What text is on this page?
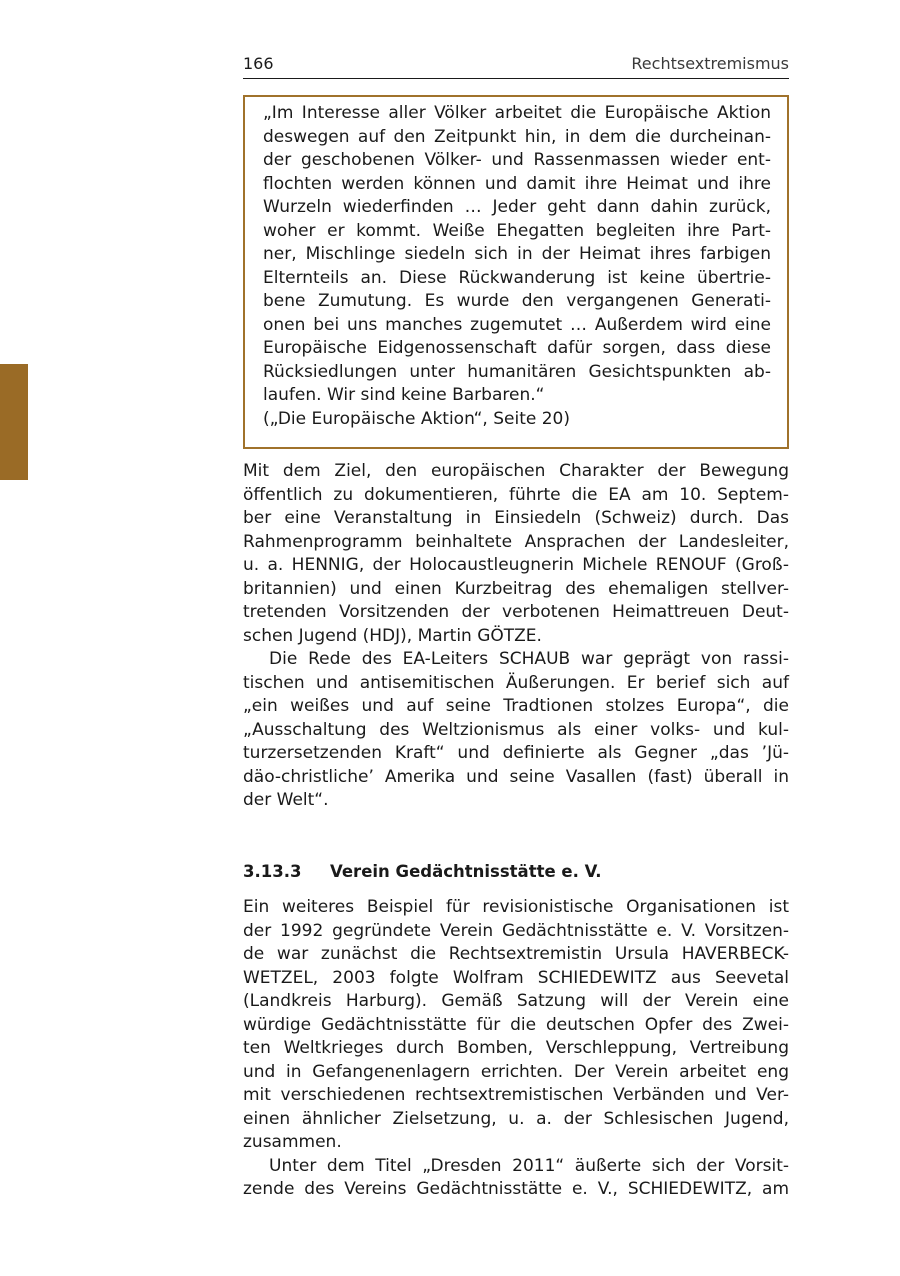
166	Rechtsextremismus
„Im Interesse aller Völker arbeitet die Europäische Aktion
deswegen auf den Zeitpunkt hin, in dem die durcheinan-
der geschobenen Völker- und Rassenmassen wieder ent-
flochten werden können und damit ihre Heimat und ihre
Wurzeln wiederfinden … Jeder geht dann dahin zurück,
woher er kommt. Weiße Ehegatten begleiten ihre Part-
ner, Mischlinge siedeln sich in der Heimat ihres farbigen
Elternteils an. Diese Rückwanderung ist keine übertrie-
bene Zumutung. Es wurde den vergangenen Generati-
onen bei uns manches zugemutet … Außerdem wird eine
Europäische Eidgenossenschaft dafür sorgen, dass diese
Rücksiedlungen unter humanitären Gesichtspunkten ab-
laufen. Wir sind keine Barbaren.“
(„Die Europäische Aktion“, Seite 20)
Mit dem Ziel, den europäischen Charakter der Bewegung
öffentlich zu dokumentieren, führte die EA am 10. Septem-
ber eine Veranstaltung in Einsiedeln (Schweiz) durch. Das
Rahmenprogramm beinhaltete Ansprachen der Landesleiter,
u. a. HENNIG, der Holocaustleugnerin Michele RENOUF (Groß-
britannien) und einen Kurzbeitrag des ehemaligen stellver-
tretenden Vorsitzenden der verbotenen Heimattreuen Deut-
schen Jugend (HDJ), Martin GÖTZE.
Die Rede des EA-Leiters SCHAUB war geprägt von rassi-
tischen und antisemitischen Äußerungen. Er berief sich auf
„ein weißes und auf seine Tradtionen stolzes Europa“, die
„Ausschaltung des Weltzionismus als einer volks- und kul-
turzersetzenden Kraft“ und definierte als Gegner „das ’Jü-
däo-christliche’ Amerika und seine Vasallen (fast) überall in
der Welt“.
3.13.3 Verein Gedächtnisstätte e. V.
Ein weiteres Beispiel für revisionistische Organisationen ist
der 1992 gegründete Verein Gedächtnisstätte e. V. Vorsitzen-
de war zunächst die Rechtsextremistin Ursula HAVERBECK-
WETZEL, 2003 folgte Wolfram SCHIEDEWITZ aus Seevetal
(Landkreis Harburg). Gemäß Satzung will der Verein eine
würdige Gedächtnisstätte für die deutschen Opfer des Zwei-
ten Weltkrieges durch Bomben, Verschleppung, Vertreibung
und in Gefangenenlagern errichten. Der Verein arbeitet eng
mit verschiedenen rechtsextremistischen Verbänden und Ver-
einen ähnlicher Zielsetzung, u. a. der Schlesischen Jugend,
zusammen.
Unter dem Titel „Dresden 2011“ äußerte sich der Vorsit-
zende des Vereins Gedächtnisstätte e. V., SCHIEDEWITZ, am
